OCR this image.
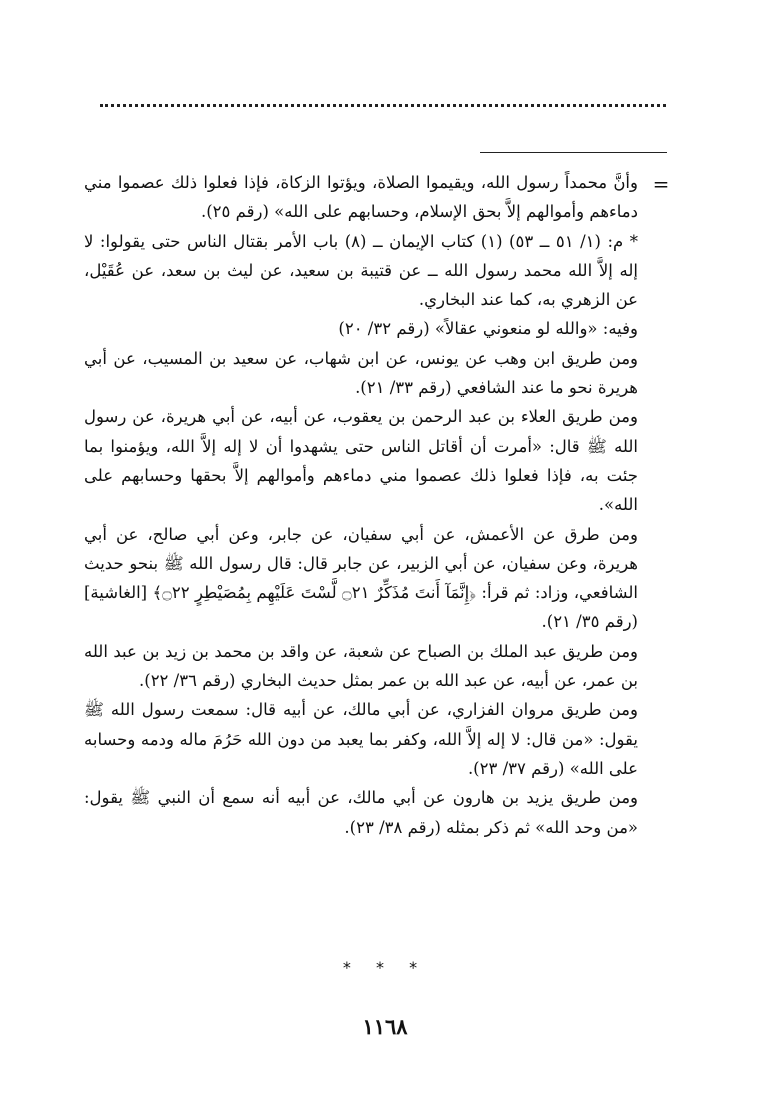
=

وأنَّ محمداً رسول الله، ويقيموا الصلاة، ويؤتوا الزكاة، فإذا فعلوا ذلك عصموا مني دماءهم وأموالهم إلاَّ بحق الإسلام، وحسابهم على الله» (رقم ٢٥).

* م: (١/ ٥١ ــ ٥٣) (١) كتاب الإيمان ــ (٨) باب الأمر بقتال الناس حتى يقولوا: لا إله إلاَّ الله محمد رسول الله ــ عن قتيبة بن سعيد، عن ليث بن سعد، عن عُقَيْل، عن الزهري به، كما عند البخاري.

وفيه: «والله لو منعوني عقالاً» (رقم ٣٢/ ٢٠)

ومن طريق ابن وهب عن يونس، عن ابن شهاب، عن سعيد بن المسيب، عن أبي هريرة نحو ما عند الشافعي (رقم ٣٣/ ٢١).

ومن طريق العلاء بن عبد الرحمن بن يعقوب، عن أبيه، عن أبي هريرة، عن رسول الله ﷺ قال: «أمرت أن أقاتل الناس حتى يشهدوا أن لا إله إلاَّ الله، ويؤمنوا بما جئت به، فإذا فعلوا ذلك عصموا مني دماءهم وأموالهم إلاَّ بحقها وحسابهم على الله».

ومن طرق عن الأعمش، عن أبي سفيان، عن جابر، وعن أبي صالح، عن أبي هريرة، وعن سفيان، عن أبي الزبير، عن جابر قال: قال رسول الله ﷺ بنحو حديث الشافعي، وزاد: ثم قرأ: ﴿إِنَّمَآ أَنتَ مُذَكِّرٌ ۝٢١ لَّسْتَ عَلَيْهِم بِمُصَيْطِرٍ ۝٢٢﴾ [الغاشية] (رقم ٣٥/ ٢١).

ومن طريق عبد الملك بن الصباح عن شعبة، عن واقد بن محمد بن زيد بن عبد الله بن عمر، عن أبيه، عن عبد الله بن عمر بمثل حديث البخاري (رقم ٣٦/ ٢٢).

ومن طريق مروان الفزاري، عن أبي مالك، عن أبيه قال: سمعت رسول الله ﷺ يقول: «من قال: لا إله إلاَّ الله، وكفر بما يعبد من دون الله حَرُمَ ماله ودمه وحسابه على الله» (رقم ٣٧/ ٢٣).

ومن طريق يزيد بن هارون عن أبي مالك، عن أبيه أنه سمع أن النبي ﷺ يقول: «من وحد الله» ثم ذكر بمثله (رقم ٣٨/ ٢٣).

* * *
١١٦٨
